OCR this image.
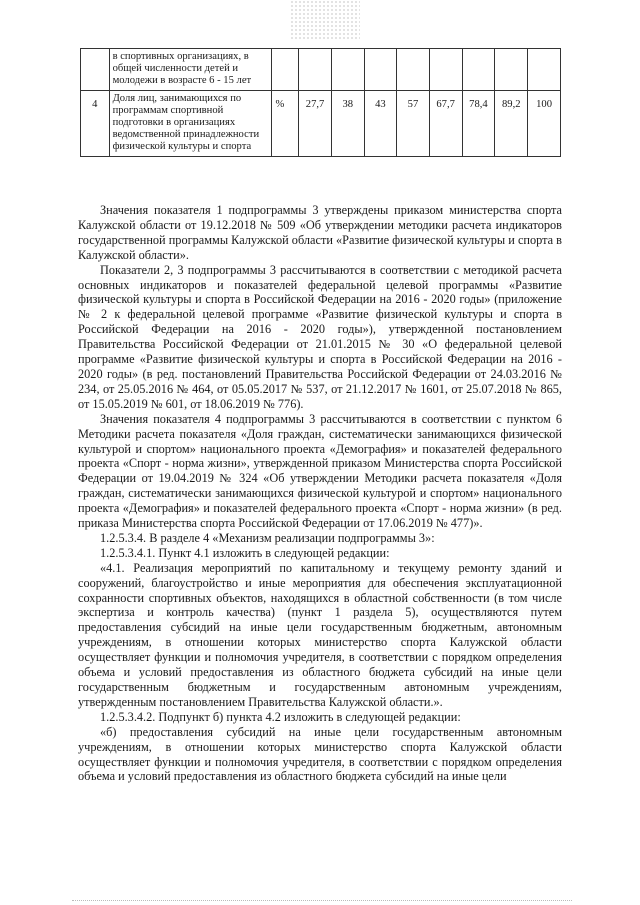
	в спортивных организациях, в общей численности детей и молодежи в возрасте 6 - 15 лет									
4	Доля лиц, занимающихся по программам спортивной подготовки в организациях ведомственной принадлежности физической культуры и спорта	%	27,7	38	43	57	67,7	78,4	89,2	100

Значения показателя 1 подпрограммы 3 утверждены приказом министерства спорта Калужской области от 19.12.2018 № 509 «Об утверждении методики расчета индикаторов государственной программы Калужской области «Развитие физической культуры и спорта в Калужской области».

Показатели 2, 3 подпрограммы 3 рассчитываются в соответствии с методикой расчета основных индикаторов и показателей федеральной целевой программы «Развитие физической культуры и спорта в Российской Федерации на 2016 - 2020 годы» (приложение № 2 к федеральной целевой программе «Развитие физической культуры и спорта в Российской Федерации на 2016 - 2020 годы»), утвержденной постановлением Правительства Российской Федерации от 21.01.2015 № 30 «О федеральной целевой программе «Развитие физической культуры и спорта в Российской Федерации на 2016 - 2020 годы» (в ред. постановлений Правительства Российской Федерации от 24.03.2016 № 234, от 25.05.2016 № 464, от 05.05.2017 № 537, от 21.12.2017 № 1601, от 25.07.2018 № 865, от 15.05.2019 № 601, от 18.06.2019 № 776).

Значения показателя 4 подпрограммы 3 рассчитываются в соответствии с пунктом 6 Методики расчета показателя «Доля граждан, систематически занимающихся физической культурой и спортом» национального проекта «Демография» и показателей федерального проекта «Спорт - норма жизни», утвержденной приказом Министерства спорта Российской Федерации от 19.04.2019 № 324 «Об утверждении Методики расчета показателя «Доля граждан, систематически занимающихся физической культурой и спортом» национального проекта «Демография» и показателей федерального проекта «Спорт - норма жизни» (в ред. приказа Министерства спорта Российской Федерации от 17.06.2019 № 477)».

1.2.5.3.4. В разделе 4 «Механизм реализации подпрограммы 3»:

1.2.5.3.4.1. Пункт 4.1 изложить в следующей редакции:

«4.1. Реализация мероприятий по капитальному и текущему ремонту зданий и сооружений, благоустройство и иные мероприятия для обеспечения эксплуатационной сохранности спортивных объектов, находящихся в областной собственности (в том числе экспертиза и контроль качества) (пункт 1 раздела 5), осуществляются путем предоставления субсидий на иные цели государственным бюджетным, автономным учреждениям, в отношении которых министерство спорта Калужской области осуществляет функции и полномочия учредителя, в соответствии с порядком определения объема и условий предоставления из областного бюджета субсидий на иные цели государственным бюджетным и государственным автономным учреждениям, утвержденным постановлением Правительства Калужской области.».

1.2.5.3.4.2. Подпункт б) пункта 4.2 изложить в следующей редакции:

«б) предоставления субсидий на иные цели государственным автономным учреждениям, в отношении которых министерство спорта Калужской области осуществляет функции и полномочия учредителя, в соответствии с порядком определения объема и условий предоставления из областного бюджета субсидий на иные цели
